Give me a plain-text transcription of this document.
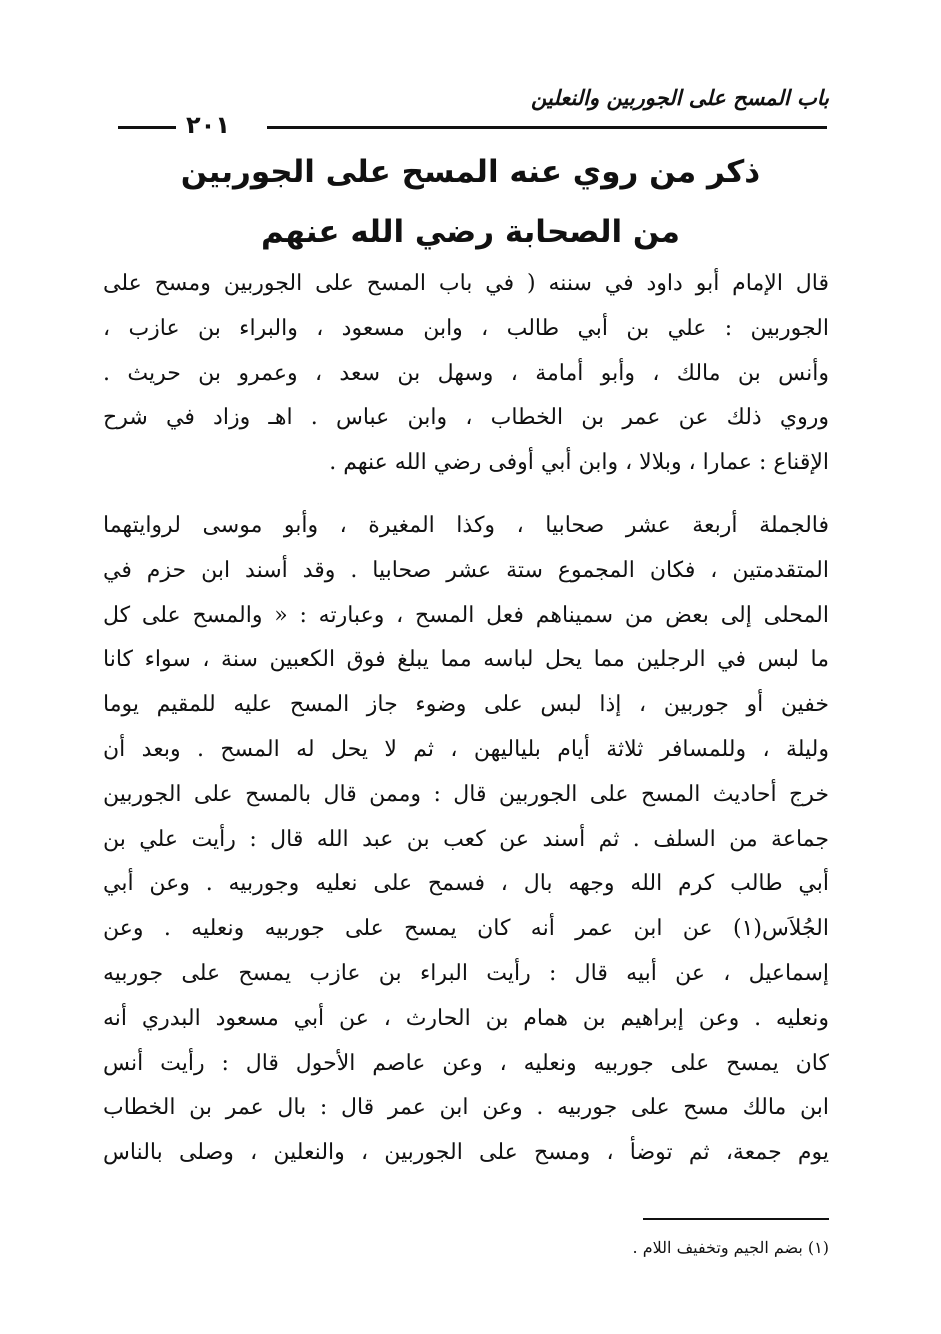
باب المسح على الجوربين والنعلين
٢٠١
ذكر من روي عنه المسح على الجوربين
من الصحابة رضي الله عنهم
قال الإمام أبو داود في سننه ( في باب المسح على الجوربين ومسح على
الجوربين : علي بن أبي طالب ، وابن مسعود ، والبراء بن عازب ،
وأنس بن مالك ، وأبو أمامة ، وسهل بن سعد ، وعمرو بن حريث .
وروي ذلك عن عمر بن الخطاب ، وابن عباس . اهـ وزاد في شرح
الإقناع : عمارا ، وبلالا ، وابن أبي أوفى رضي الله عنهم .
فالجملة أربعة عشر صحابيا ، وكذا المغيرة ، وأبو موسى لروايتهما
المتقدمتين ، فكان المجموع ستة عشر صحابيا . وقد أسند ابن حزم في
المحلى إلى بعض من سميناهم فعل المسح ، وعبارته : « والمسح على كل
ما لبس في الرجلين مما يحل لباسه مما يبلغ فوق الكعبين سنة ، سواء كانا
خفين أو جوربين ، إذا لبس على وضوء جاز المسح عليه للمقيم يوما
وليلة ، وللمسافر ثلاثة أيام بلياليهن ، ثم لا يحل له المسح . وبعد أن
خرج أحاديث المسح على الجوربين قال : وممن قال بالمسح على الجوربين
جماعة من السلف . ثم أسند عن كعب بن عبد الله قال : رأيت علي بن
أبي طالب كرم الله وجهه بال ، فسمح على نعليه وجوربيه . وعن أبي
الجُلاَس(١) عن ابن عمر أنه كان يمسح على جوربيه ونعليه . وعن
إسماعيل ، عن أبيه قال : رأيت البراء بن عازب يمسح على جوربيه
ونعليه . وعن إبراهيم بن همام بن الحارث ، عن أبي مسعود البدري أنه
كان يمسح على جوربيه ونعليه ، وعن عاصم الأحول قال : رأيت أنس
ابن مالك مسح على جوربيه . وعن ابن عمر قال : بال عمر بن الخطاب
يوم جمعة، ثم توضأ ، ومسح على الجوربين ، والنعلين ، وصلى بالناس
(١) بضم الجيم وتخفيف اللام .
